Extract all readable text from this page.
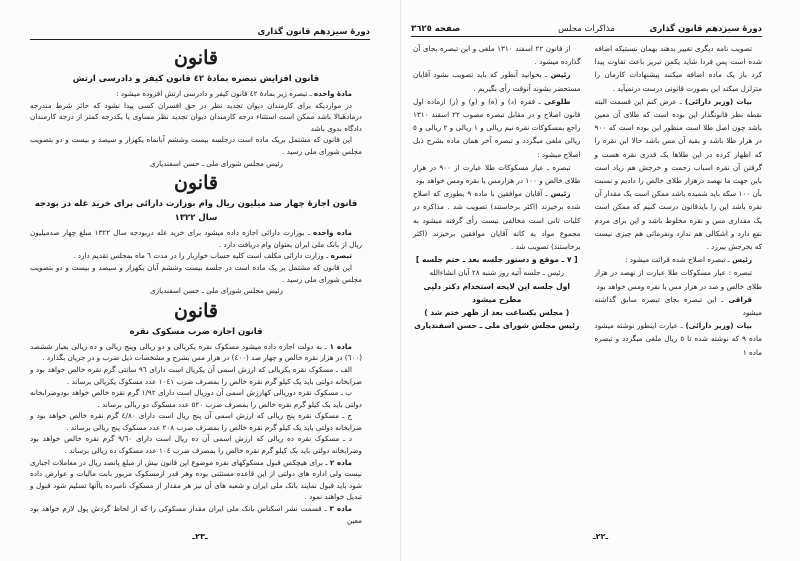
دورهٔ سیزدهم قانون گذاری
قانون
قانون افزایش تبصره بمادهٔ ٤٢ قانون کیفر و دادرسی ارتش

مادهٔ واحده ـ تبصره زیر بمادهٔ ٤٢ قانون کیفر و دادرسی ارتش افزوده میشود :

در مواردیکه برای کارمندان دیوان تجدید نظر در حق افسران کسی پیدا نشود که حائز شرط مندرجه درمادهٔبالا باشد ممکن است استثناء درجه کارمندان دیوان تجدید نظر مساوی یا یکدرجه کمتر از درجه کارمندان دادگاه بدوی باشد

این قانون که مشتمل بریک ماده است درجلسه بیست وششم آبانماه یکهزار و سیصد و بیست و دو بتصویب مجلس شورای ملی رسید .

رئیس مجلس شورای ملی ـ حسن اسفندیاری

قانون
قانون اجازهٔ چهار صد میلیون ریال وام بوزارت دارائی برای خرید غله در بودجه سال ١٣٢٢

ماده واحده ـ بوزارت دارائی اجازه داده میشود برای خرید غله دربودجه سال ١٣٢٢ مبلغ چهار صدمیلیون ریال از بانک ملی ایران بعنوان وام دریافت دارد .

تبصره ـ وزارت دارائی مکلف است کلیه حساب خواربار را در مدت ٦ ماه بمجلس تقدیم دارد .

این قانون که مشتمل بر یک ماده است در جلسه بیست وششم آبان یکهزار و سیصد و بیست و دو بتصویب مجلس شورای ملی رسید .

رئیس مجلس شورای ملی ـ حسن اسفندیاری

قانون
قانون اجازه ضرب مسکوک نقره

ماده ١ ـ به دولت اجازه داده میشود مسکوک نقره یکریالی و دو ریالی وپنج ریالی و ده ریالی بعیار ششصد (٦٠٠) در هزار نقره خالص و چهار صد (٤٠٠) در هزار مس بشرح و مشخصات ذیل ضرب و در جریان بگذارد .

الف ـ مسکوک نقره یکریالی که ارزش اسمی آن یکریال است دارای ٩٦ سانتی گرم نقره خالص خواهد بود و ضرابخانه دولتی باید یک کیلو گرم نقره خالص را بمصرف ضرب ١٠٤١ عدد مسکوک یکریالی برساند .

ب ـ مسکوک نقره دوریالی کهارزش اسمی آن دوریال است دارای ١/٩٢ گرم نقره خالص خواهد بودوضرابخانه دولتی باید یک کیلو گرم نقره خالص را بمصرف ضرب ٥٢٠ عدد مسکوک دو ریالی برساند .

ج ـ مسکوک نقره پنج ریالی که ارزش اسمی آن پنج ریال است دارای ٤/٨٠ گرم نقره خالص خواهد بود و ضرابخانه دولتی باید یک کیلو گرم نقره خالص را بمصرف ضرب ٢٠٨ عدد مسکوک پنج ریالی برساند .

د ـ مسکوک نقره ده ریالی که ارزش اسمی آن ده ریال است دارای ٩/٦٠ گرم نقره خالص خواهد بود وضرابخانه دولتی باید یک کیلو گرم نقره خالص را بمصرف ضرب ١٠٤ عدد مسکوک ده ریالی برساند .

ماده ٢ ـ برای هیچکس قبول مسکوکهای نقره موضوع این قانون بیش از مبلغ پانصد ریال در معاملات اجباری نیست ولی اداره های دولتی از این قاعده مستثنی بوده وهر قدر ازمسکوک مزبور بابت مالیات و عوارض داده شود باید قبول نمایند بانک ملی ایران و شعبه های آن نیز هر مقدار از مسکوک نامبرده باآنها تسلیم شود قبول و تبدیل خواهند نمود .

ماده ٣ ـ قسمت نشر اسکناس بانک ملی ایران مقدار مسکوکی را که از لحاظ گردش پول لازم خواهد بود معین

ـ٢٣ـ
دورهٔ سیزدهم قانون گذاری
مذاکرات مجلس
صفحه ٣٦٢٥

تصویب نامه دیگری تغییر بدهند بهمان نسبتیکه اضافه شده است پس فردا شاید یکمن تبریز باعث تفاوت پیدا کرد باز یک ماده اضافه میکنند پیشنهادات کارمان را متزلزل میکند این بصورت قانونی درست درنمیآید .

بیات (وزیر دارائی) ـ عرض کنم این قسمت البته نقطه نظر قانونگذار این بوده است که طلای آن معین باشد چون اصل طلا است منظور این بوده است که ٩٠٠ در هزار طلا باشد و بقیه آن مس باشد حالا این نقره را که اظهار کرده در این طلاها یک قدری نقره هست و گرفتن آن نقره اسباب زحمت و خرجش هم زیاد است باین جهت ما نهصد درهزار طلای خالص را دادیم و نسبت بآن ١٠٠ سکه باید شمیده باشد ممکن است یک مقدار آن نقره باشد این را بایدقانون درست کنیم که ممکن است یک مقداری مس و نقره مخلوط باشد و این برای مردم نفع دارد و اشکالی هم ندارد ونفرمائی هم چیزی نیست که بخرجش بیرزد .

رئیس ـ تبصره اصلاح شده قرائت میشود :

تبصره : عیار مسکوکات طلا عبارت از نهصد در هزار طلای خالص و صد در هزار مس یا نقره ومس خواهد بود

قراقی ـ این تبصره بجای تبصره سابق گذاشته میشود

بیات (وزیر دارائی) ـ عبارت اینطور نوشته میشود ماده ٩ که نوشته شده تا ٥ ریال ملغی میگردد و تبصره ماده ١

از قانون ٢٢ اسفند ١٣١٠ ملغی و این تبصره بجای آن گذارده میشود .

رئیس ـ بخوانید آنطور که باید تصویب بشود آقایان مستحضر بشوند آنوقت رأی بگیریم .

طلوعی ـ فقره (د) و (ه) و (و) و (ز) ازماده اول قانون اصلاح و در مقابل تبصره مصوب ٢٢ اسفند ١٣١٠ راجع بمسکوکات نقره نیم ریالی و ١ ریالی و ٢ ریالی و ٥ ریالی ملغی میگردد و تبصره آخر همان ماده بشرح ذیل اصلاح میشود :

تبصره ـ عیار مسکوکات طلا عبارت از ٩٠٠ در هزار طلای خالص و ١٠٠ در هزارمس یا نقره ومس خواهد بود

رئیس ـ آقایان موافقین با ماده ٩ بطوری که اصلاح شده برخیزند (اکثر برخاستند) تصویب شد . مذاکره در کلیات ثانی است مخالفی نیست رأی گرفته میشود به مجموع مواد به کانه آقایان موافقین برخیزند (اکثر برخاستند) تصویب شد .

[ ٧ ـ موقع و دستور جلسه بعد ـ ختم جلسه ]

رئیس ـ جلسه آتیه روز شنبه ٢٨ آبان انشاءالله

اول جلسه این لایحه استخدام دکتر دلپی مطرح میشود

( مجلس یکساعت بعد از ظهر ختم شد )

رئیس مجلس شورای ملی ـ حسن اسفندیاری

ـ٢٢ـ
